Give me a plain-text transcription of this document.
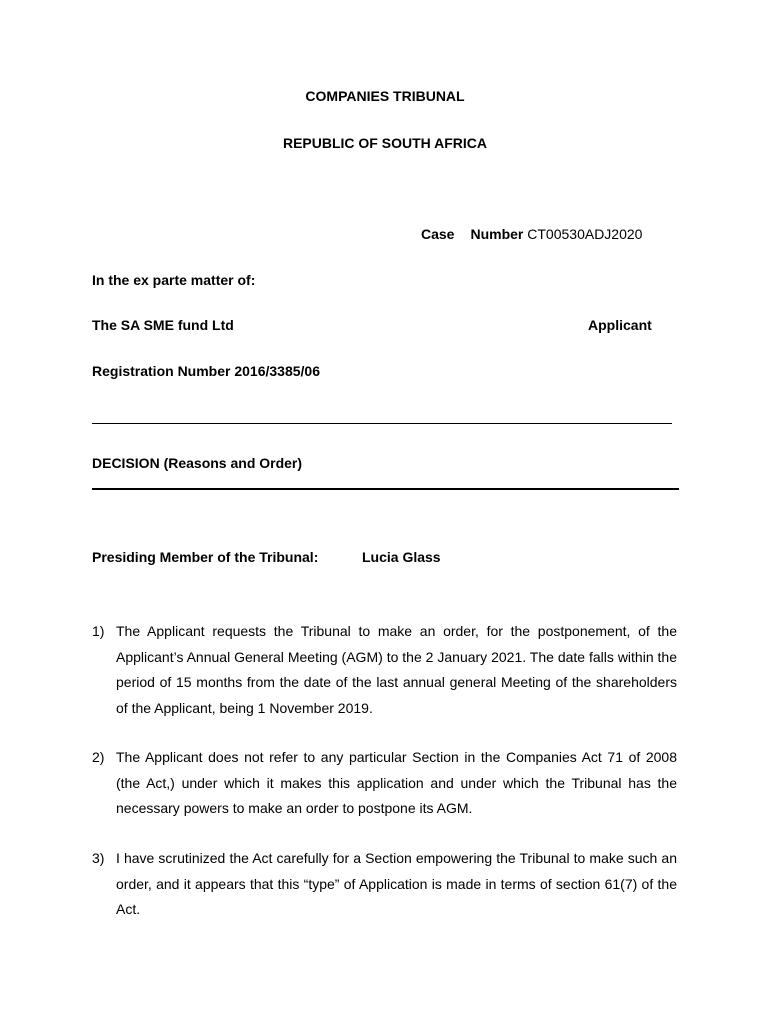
COMPANIES TRIBUNAL
REPUBLIC OF SOUTH AFRICA
Case Number CT00530ADJ2020
In the ex parte matter of:
The SA SME fund Ltd	Applicant
Registration Number 2016/3385/06
DECISION (Reasons and Order)
Presiding Member of the Tribunal:	Lucia Glass
1) The Applicant requests the Tribunal to make an order, for the postponement, of the Applicant’s Annual General Meeting (AGM) to the 2 January 2021. The date falls within the period of 15 months from the date of the last annual general Meeting of the shareholders of the Applicant, being 1 November 2019.
2) The Applicant does not refer to any particular Section in the Companies Act 71 of 2008 (the Act,) under which it makes this application and under which the Tribunal has the necessary powers to make an order to postpone its AGM.
3) I have scrutinized the Act carefully for a Section empowering the Tribunal to make such an order, and it appears that this “type” of Application is made in terms of section 61(7) of the Act.
